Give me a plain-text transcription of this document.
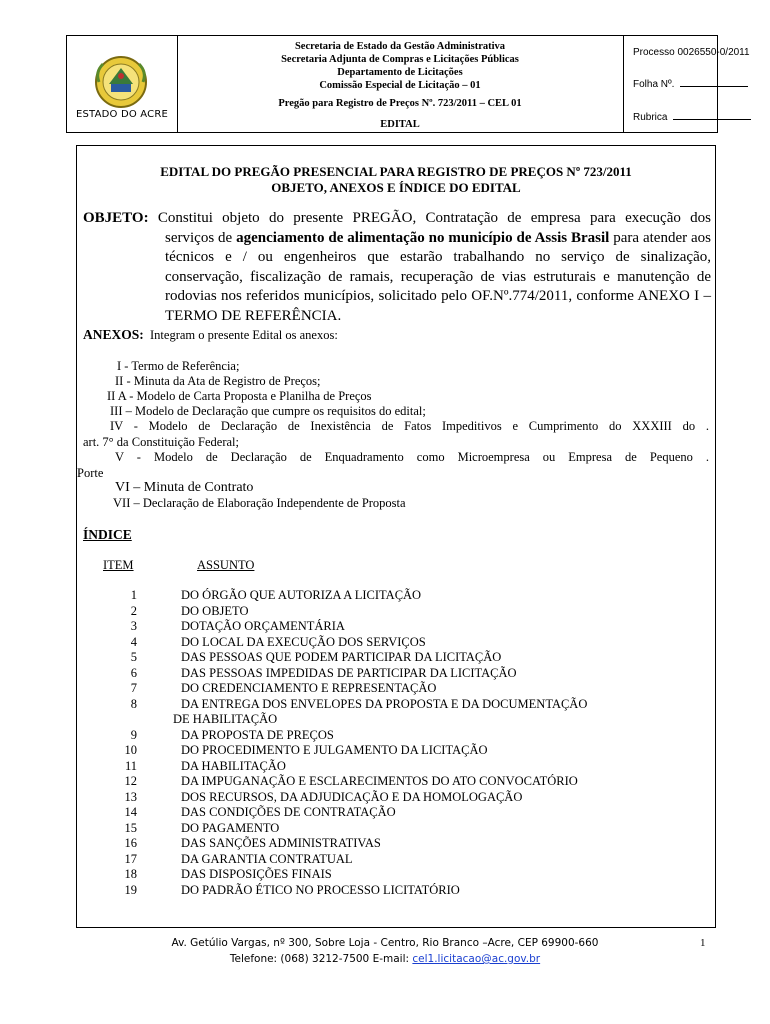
ESTADO DO ACRE
Secretaria de Estado da Gestão Administrativa
Secretaria Adjunta de Compras e Licitações Públicas
Departamento de Licitações
Comissão Especial de Licitação – 01
Pregão para Registro de Preços Nº. 723/2011 – CEL 01
EDITAL
Processo 0026550-0/2011
Folha Nº.
Rubrica
EDITAL DO PREGÃO PRESENCIAL PARA REGISTRO DE PREÇOS Nº 723/2011
OBJETO, ANEXOS E ÍNDICE DO EDITAL
OBJETO: Constitui objeto do presente PREGÃO, Contratação de empresa para execução dos
serviços de agenciamento de alimentação no município de Assis Brasil para atender aos técnicos e / ou engenheiros que estarão trabalhando no serviço de sinalização, conservação, fiscalização de ramais, recuperação de vias estruturais e manutenção de rodovias nos referidos municípios, solicitado pelo OF.Nº.774/2011, conforme ANEXO I – TERMO DE REFERÊNCIA.
ANEXOS: Integram o presente Edital os anexos:
I - Termo de Referência;
II - Minuta da Ata de Registro de Preços;
II A - Modelo de Carta Proposta e Planilha de Preços
III – Modelo de Declaração que cumpre os requisitos do edital;
IV - Modelo de Declaração de Inexistência de Fatos Impeditivos e Cumprimento do XXXIII do .
art. 7° da Constituição Federal;
V - Modelo de Declaração de Enquadramento como Microempresa ou Empresa de Pequeno .
Porte
VI – Minuta de Contrato
VII – Declaração de Elaboração Independente de Proposta
ÍNDICE
ITEM	ASSUNTO
1	DO ÓRGÃO QUE AUTORIZA A LICITAÇÃO
2	DO OBJETO
3	DOTAÇÃO ORÇAMENTÁRIA
4	DO LOCAL DA EXECUÇÃO DOS SERVIÇOS
5	DAS PESSOAS QUE PODEM PARTICIPAR DA LICITAÇÃO
6	DAS PESSOAS IMPEDIDAS DE PARTICIPAR DA LICITAÇÃO
7	DO CREDENCIAMENTO E REPRESENTAÇÃO
8	DA ENTREGA DOS ENVELOPES DA PROPOSTA E DA DOCUMENTAÇÃO
DE HABILITAÇÃO
9	DA PROPOSTA DE PREÇOS
10	DO PROCEDIMENTO E JULGAMENTO DA LICITAÇÃO
11	DA HABILITAÇÃO
12	DA IMPUGANAÇÃO E ESCLARECIMENTOS DO ATO CONVOCATÓRIO
13	DOS RECURSOS, DA ADJUDICAÇÃO E DA HOMOLOGAÇÃO
14	DAS CONDIÇÕES DE CONTRATAÇÃO
15	DO PAGAMENTO
16	DAS SANÇÕES ADMINISTRATIVAS
17	DA GARANTIA CONTRATUAL
18	DAS DISPOSIÇÕES FINAIS
19	DO PADRÃO ÉTICO NO PROCESSO LICITATÓRIO
Av. Getúlio Vargas, nº 300, Sobre Loja - Centro, Rio Branco –Acre, CEP 69900-660
Telefone: (068) 3212-7500 E-mail: cel1.licitacao@ac.gov.br
1
